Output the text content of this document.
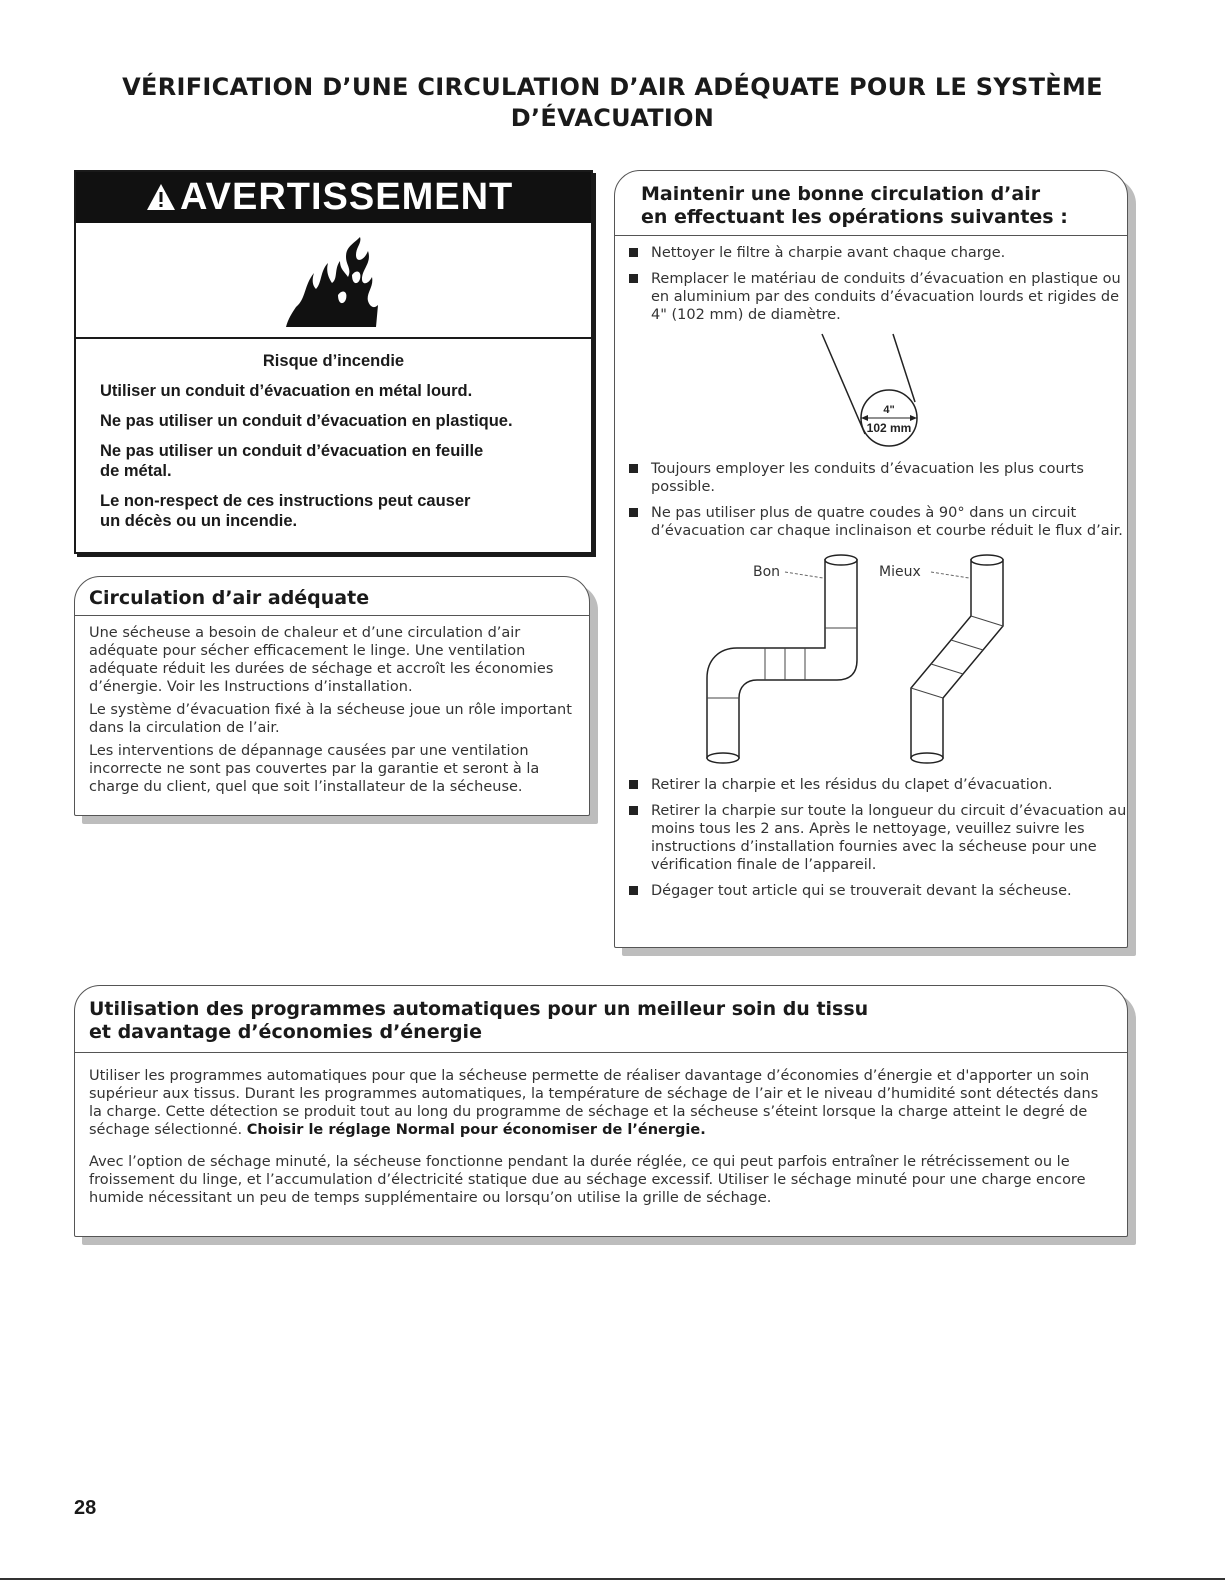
VÉRIFICATION D’UNE CIRCULATION D’AIR ADÉQUATE POUR LE SYSTÈME
D’ÉVACUATION
AVERTISSEMENT

Risque d’incendie

Utiliser un conduit d’évacuation en métal lourd.

Ne pas utiliser un conduit d’évacuation en plastique.

Ne pas utiliser un conduit d’évacuation en feuille
de métal.

Le non-respect de ces instructions peut causer
un décès ou un incendie.

Circulation d’air adéquate

Une sécheuse a besoin de chaleur et d’une circulation d’air adéquate pour sécher efficacement le linge. Une ventilation adéquate réduit les durées de séchage et accroît les économies d’énergie. Voir les Instructions d’installation.

Le système d’évacuation fixé à la sécheuse joue un rôle important dans la circulation de l’air.

Les interventions de dépannage causées par une ventilation incorrecte ne sont pas couvertes par la garantie et seront à la charge du client, quel que soit l’installateur de la sécheuse.

Maintenir une bonne circulation d’air
en effectuant les opérations suivantes :
Nettoyer le filtre à charpie avant chaque charge.
Remplacer le matériau de conduits d’évacuation en plastique ou en aluminium par des conduits d’évacuation lourds et rigides de 4" (102 mm) de diamètre.
4"
102 mm
Toujours employer les conduits d’évacuation les plus courts possible.
Ne pas utiliser plus de quatre coudes à 90° dans un circuit d’évacuation car chaque inclinaison et courbe réduit le flux d’air.
Bon	Mieux
Retirer la charpie et les résidus du clapet d’évacuation.
Retirer la charpie sur toute la longueur du circuit d’évacuation au moins tous les 2 ans. Après le nettoyage, veuillez suivre les instructions d’installation fournies avec la sécheuse pour une vérification finale de l’appareil.
Dégager tout article qui se trouverait devant la sécheuse.
Utilisation des programmes automatiques pour un meilleur soin du tissu
et davantage d’économies d’énergie

Utiliser les programmes automatiques pour que la sécheuse permette de réaliser davantage d’économies d’énergie et d'apporter un soin supérieur aux tissus. Durant les programmes automatiques, la température de séchage de l’air et le niveau d’humidité sont détectés dans la charge. Cette détection se produit tout au long du programme de séchage et la sécheuse s’éteint lorsque la charge atteint le degré de séchage sélectionné. Choisir le réglage Normal pour économiser de l’énergie.

Avec l’option de séchage minuté, la sécheuse fonctionne pendant la durée réglée, ce qui peut parfois entraîner le rétrécissement ou le froissement du linge, et l’accumulation d’électricité statique due au séchage excessif. Utiliser le séchage minuté pour une charge encore humide nécessitant un peu de temps supplémentaire ou lorsqu’on utilise la grille de séchage.

28
